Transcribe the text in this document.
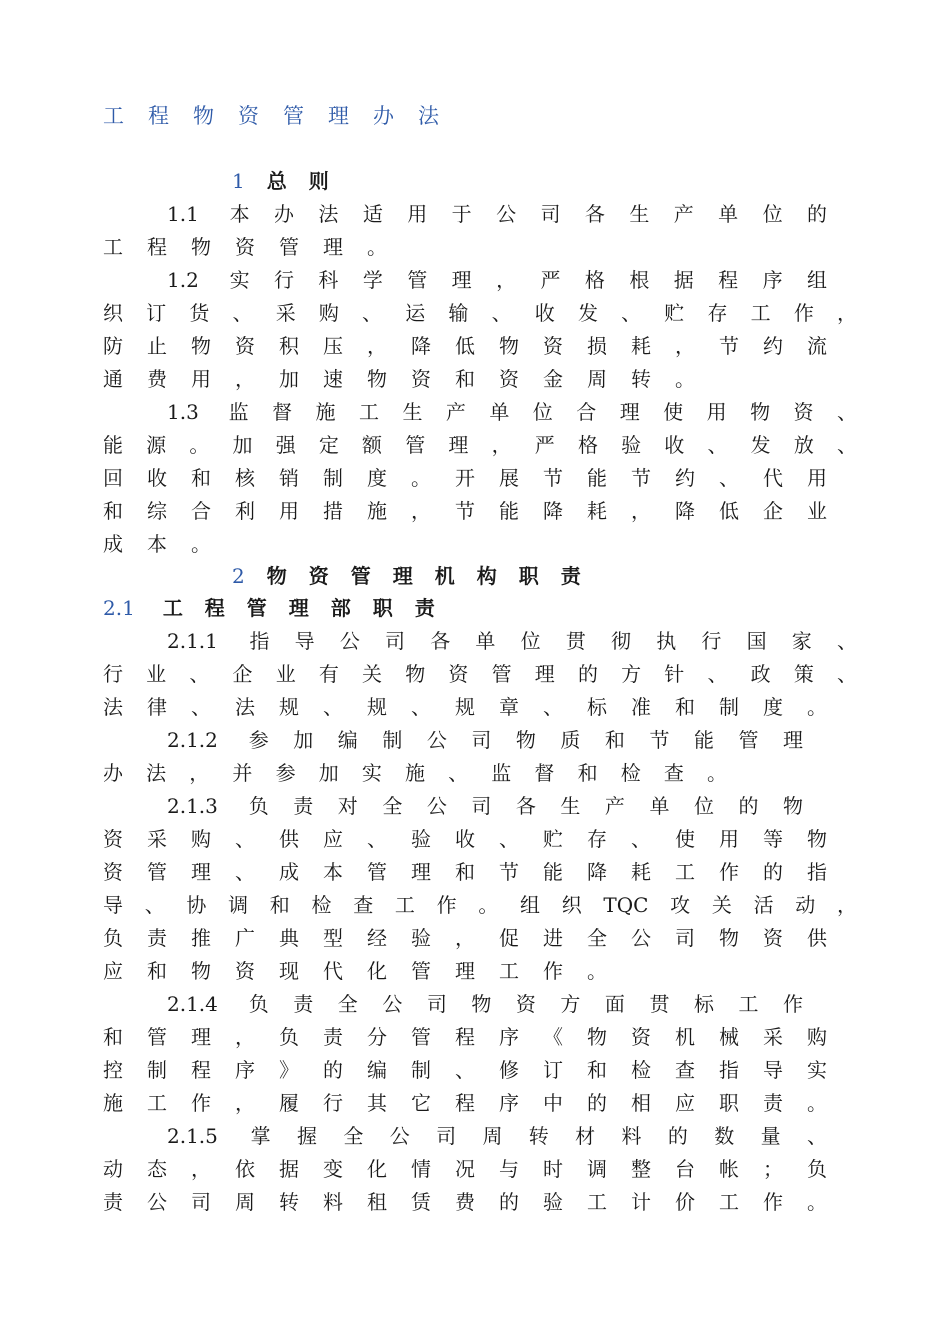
工程物资管理办法
1 总则
1.1 本办法适用于公司各生产单位的
工程物资管理。
1.2 实行科学管理，严格根据程序组
织订货、采购、运输、收发、贮存工作，
防止物资积压，降低物资损耗，节约流
通费用，加速物资和资金周转。
1.3 监督施工生产单位合理使用物资、
能源。加强定额管理，严格验收、发放、
回收和核销制度。开展节能节约、代用
和综合利用措施，节能降耗，降低企业
成本。
2 物资管理机构职责
2.1 工程管理部职责
2.1.1 指导公司各单位贯彻执行国家、
行业、企业有关物资管理的方针、政策、
法律、法规、规、规章、标准和制度。
2.1.2 参加编制公司物质和节能管理
办法，并参加实施、监督和检查。
2.1.3 负责对全公司各生产单位的物
资采购、供应、验收、贮存、使用等物
资管理、成本管理和节能降耗工作的指
导、协调和检查工作。组织TQC攻关活动，
负责推广典型经验，促进全公司物资供
应和物资现代化管理工作。
2.1.4 负责全公司物资方面贯标工作
和管理，负责分管程序《物资机械采购
控制程序》的编制、修订和检查指导实
施工作，履行其它程序中的相应职责。
2.1.5 掌握全公司周转材料的数量、
动态，依据变化情况与时调整台帐；负
责公司周转料租赁费的验工计价工作。
